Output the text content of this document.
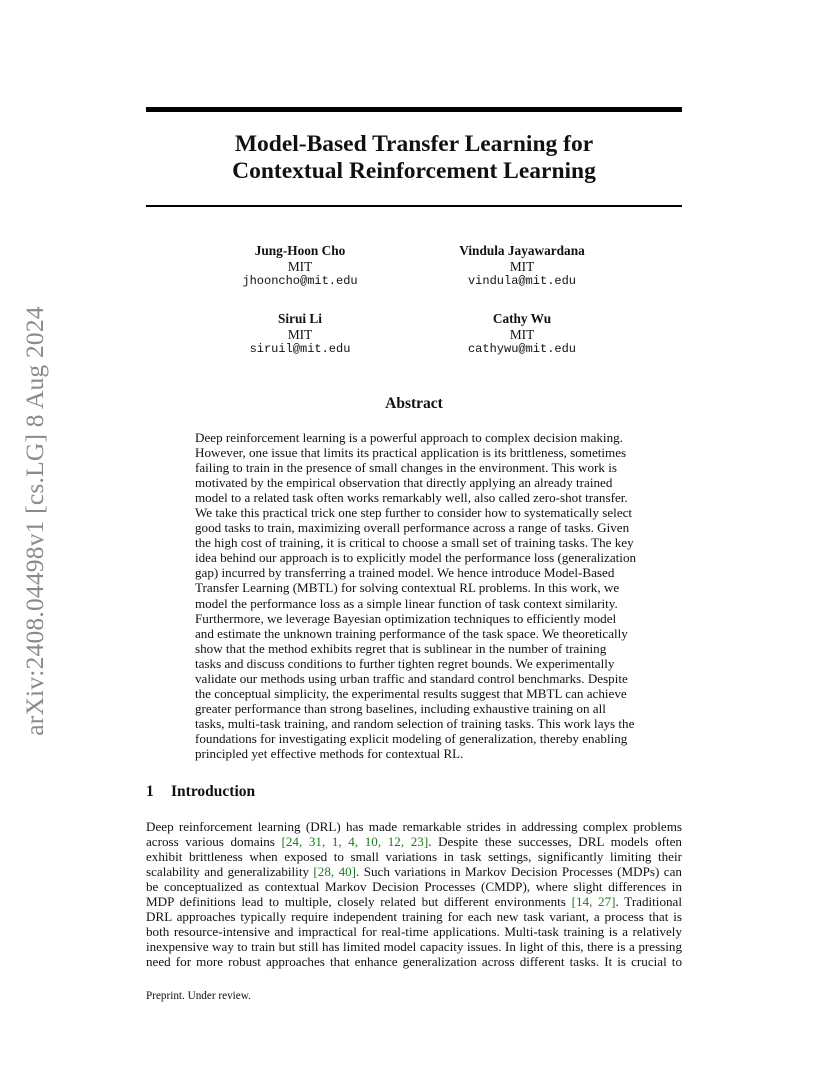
arXiv:2408.04498v1 [cs.LG] 8 Aug 2024
Model-Based Transfer Learning for
Contextual Reinforcement Learning
Jung-Hoon Cho
MIT
jhooncho@mit.edu
Vindula Jayawardana
MIT
vindula@mit.edu
Sirui Li
MIT
siruil@mit.edu
Cathy Wu
MIT
cathywu@mit.edu
Abstract
Deep reinforcement learning is a powerful approach to complex decision making.
However, one issue that limits its practical application is its brittleness, sometimes
failing to train in the presence of small changes in the environment. This work is
motivated by the empirical observation that directly applying an already trained
model to a related task often works remarkably well, also called zero-shot transfer.
We take this practical trick one step further to consider how to systematically select
good tasks to train, maximizing overall performance across a range of tasks. Given
the high cost of training, it is critical to choose a small set of training tasks. The key
idea behind our approach is to explicitly model the performance loss (generalization
gap) incurred by transferring a trained model. We hence introduce Model-Based
Transfer Learning (MBTL) for solving contextual RL problems. In this work, we
model the performance loss as a simple linear function of task context similarity.
Furthermore, we leverage Bayesian optimization techniques to efficiently model
and estimate the unknown training performance of the task space. We theoretically
show that the method exhibits regret that is sublinear in the number of training
tasks and discuss conditions to further tighten regret bounds. We experimentally
validate our methods using urban traffic and standard control benchmarks. Despite
the conceptual simplicity, the experimental results suggest that MBTL can achieve
greater performance than strong baselines, including exhaustive training on all
tasks, multi-task training, and random selection of training tasks. This work lays the
foundations for investigating explicit modeling of generalization, thereby enabling
principled yet effective methods for contextual RL.
1 Introduction
Deep reinforcement learning (DRL) has made remarkable strides in addressing complex problems
across various domains [24, 31, 1, 4, 10, 12, 23]. Despite these successes, DRL models often
exhibit brittleness when exposed to small variations in task settings, significantly limiting their
scalability and generalizability [28, 40]. Such variations in Markov Decision Processes (MDPs) can
be conceptualized as contextual Markov Decision Processes (CMDP), where slight differences in
MDP definitions lead to multiple, closely related but different environments [14, 27]. Traditional
DRL approaches typically require independent training for each new task variant, a process that is
both resource-intensive and impractical for real-time applications. Multi-task training is a relatively
inexpensive way to train but still has limited model capacity issues. In light of this, there is a pressing
need for more robust approaches that enhance generalization across different tasks. It is crucial to
Preprint. Under review.
